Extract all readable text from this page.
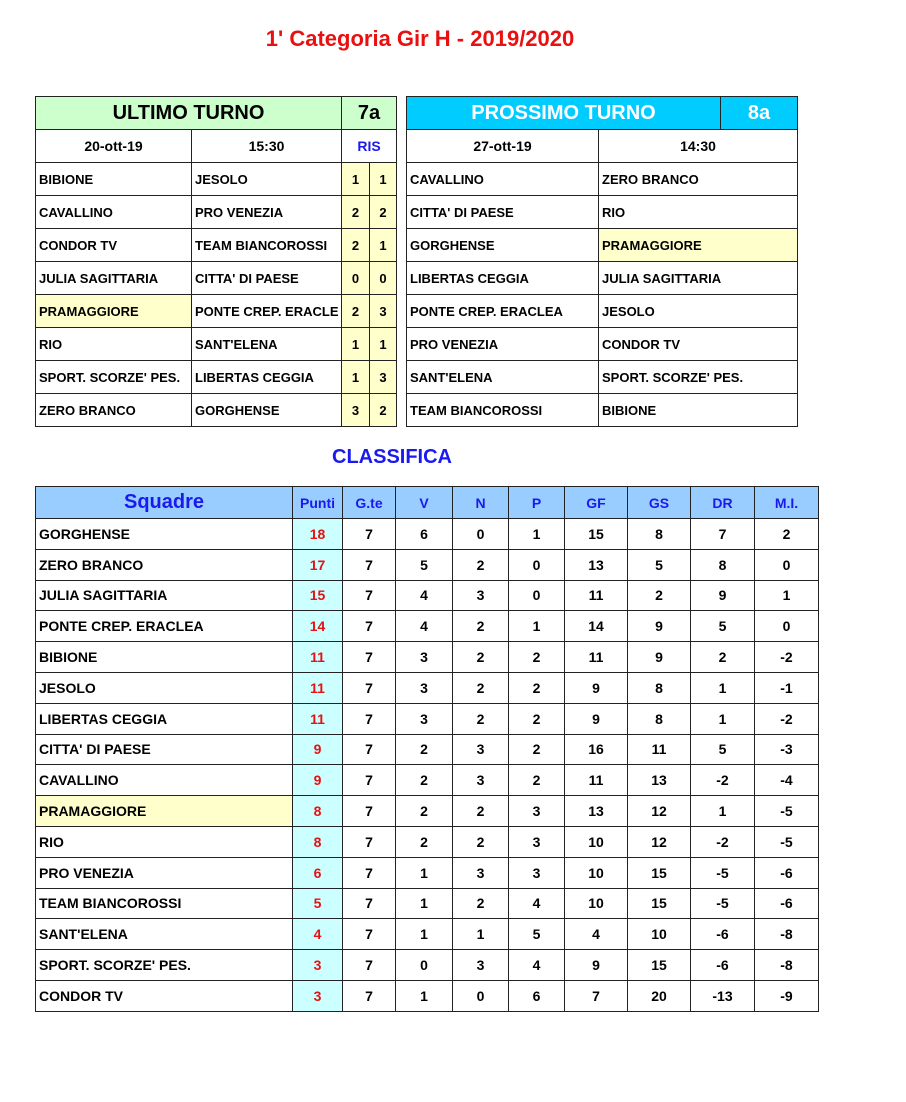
1' Categoria Gir H - 2019/2020
ULTIMO TURNO		7a	
20-ott-19	15:30	RIS	
BIBIONE	JESOLO	1	1
CAVALLINO	PRO VENEZIA	2	2
CONDOR TV	TEAM BIANCOROSSI	2	1
JULIA SAGITTARIA	CITTA' DI PAESE	0	0
PRAMAGGIORE	PONTE CREP. ERACLE	2	3
RIO	SANT'ELENA	1	1
SPORT. SCORZE' PES.	LIBERTAS CEGGIA	1	3
ZERO BRANCO	GORGHENSE	3	2
PROSSIMO TURNO		8a
27-ott-19	14:30	
CAVALLINO	ZERO BRANCO	
CITTA' DI PAESE	RIO	
GORGHENSE	PRAMAGGIORE	
LIBERTAS CEGGIA	JULIA SAGITTARIA	
PONTE CREP. ERACLEA	JESOLO	
PRO VENEZIA	CONDOR TV	
SANT'ELENA	SPORT. SCORZE' PES.	
TEAM BIANCOROSSI	BIBIONE	
CLASSIFICA
Squadre	Punti	G.te	V	N	P	GF	GS	DR	M.I.
GORGHENSE	18	7	6	0	1	15	8	7	2
ZERO BRANCO	17	7	5	2	0	13	5	8	0
JULIA SAGITTARIA	15	7	4	3	0	11	2	9	1
PONTE CREP. ERACLEA	14	7	4	2	1	14	9	5	0
BIBIONE	11	7	3	2	2	11	9	2	-2
JESOLO	11	7	3	2	2	9	8	1	-1
LIBERTAS CEGGIA	11	7	3	2	2	9	8	1	-2
CITTA' DI PAESE	9	7	2	3	2	16	11	5	-3
CAVALLINO	9	7	2	3	2	11	13	-2	-4
PRAMAGGIORE	8	7	2	2	3	13	12	1	-5
RIO	8	7	2	2	3	10	12	-2	-5
PRO VENEZIA	6	7	1	3	3	10	15	-5	-6
TEAM BIANCOROSSI	5	7	1	2	4	10	15	-5	-6
SANT'ELENA	4	7	1	1	5	4	10	-6	-8
SPORT. SCORZE' PES.	3	7	0	3	4	9	15	-6	-8
CONDOR TV	3	7	1	0	6	7	20	-13	-9
